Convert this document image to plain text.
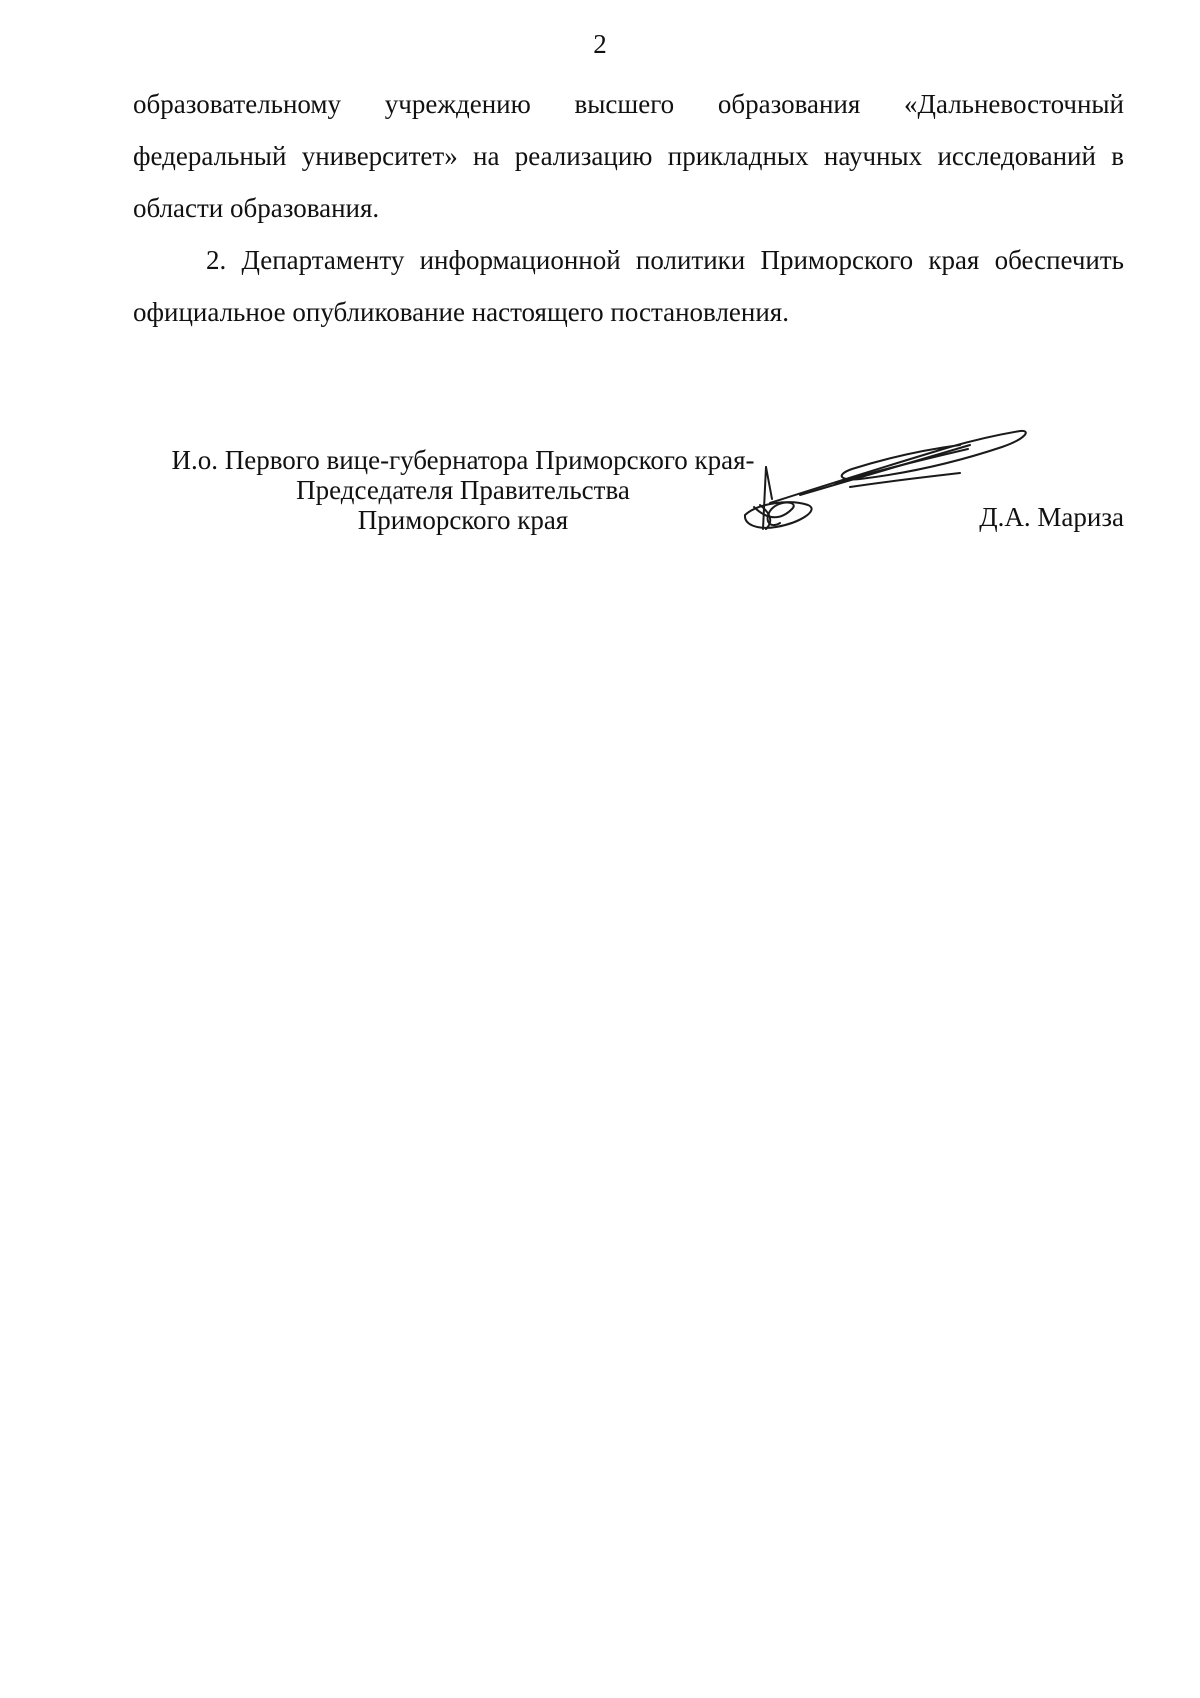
2

образовательному учреждению высшего образования «Дальневосточный федеральный университет» на реализацию прикладных научных исследований в области образования.

2. Департаменту информационной политики Приморского края обеспечить официальное опубликование настоящего постановления.

И.о. Первого вице-губернатора Приморского края-
Председателя Правительства
Приморского края	Д.А. Мариза
